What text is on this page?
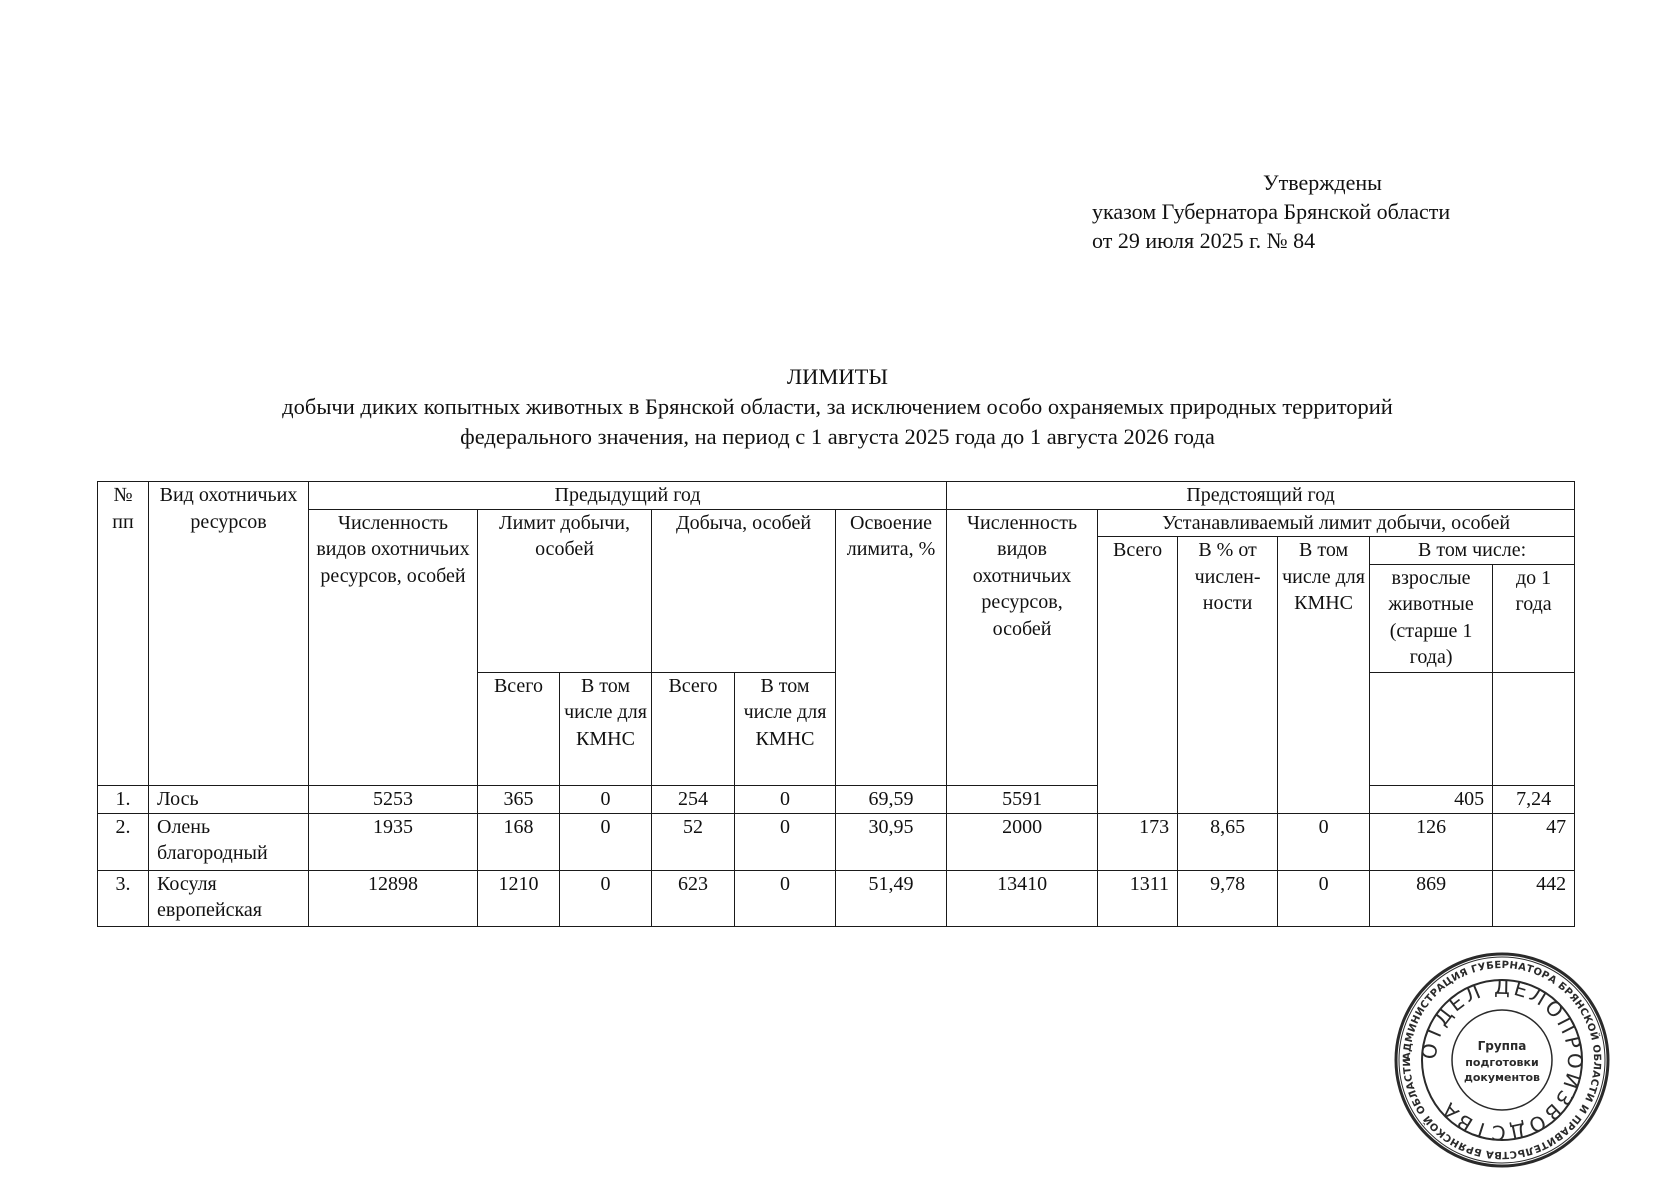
Утверждены
указом Губернатора Брянской области
от 29 июля 2025 г. № 84
ЛИМИТЫ
добычи диких копытных животных в Брянской области, за исключением особо охраняемых природных территорий
федерального значения, на период с 1 августа 2025 года до 1 августа 2026 года
№ пп	Вид охотничьих ресурсов	Предыдущий год						Предстоящий год						
		Численность видов охотничьих ресурсов, особей	Лимит добычи, особей		Добыча, особей		Освоение лимита, %	Численность видов охотничьих ресурсов, особей	Устанавливаемый лимит добычи, особей					
									Всего	В % от числен- ности	В том числе для КМНС	В том числе:		
												взрослые животные (старше 1 года)	до 1 года	
			Всего	В том числе для КМНС	Всего	В том числе для КМНС								
1.	Лось	5253	365	0	254	0	69,59	5591				405	7,24			
2.	Олень благородный	1935	168	0	52	0	30,95	2000	173	8,65	0	126	47	
3.	Косуля европейская	12898	1210	0	623	0	51,49	13410	1311	9,78	0	869	442	
АДМИНИСТРАЦИЯ ГУБЕРНАТОРА БРЯНСКОЙ ОБЛАСТИ И ПРАВИТЕЛЬСТВА БРЯНСКОЙ ОБЛАСТИ
ОТДЕЛ ДЕЛОПРОИЗВОДСТВА
Группа
подготовки
документов
